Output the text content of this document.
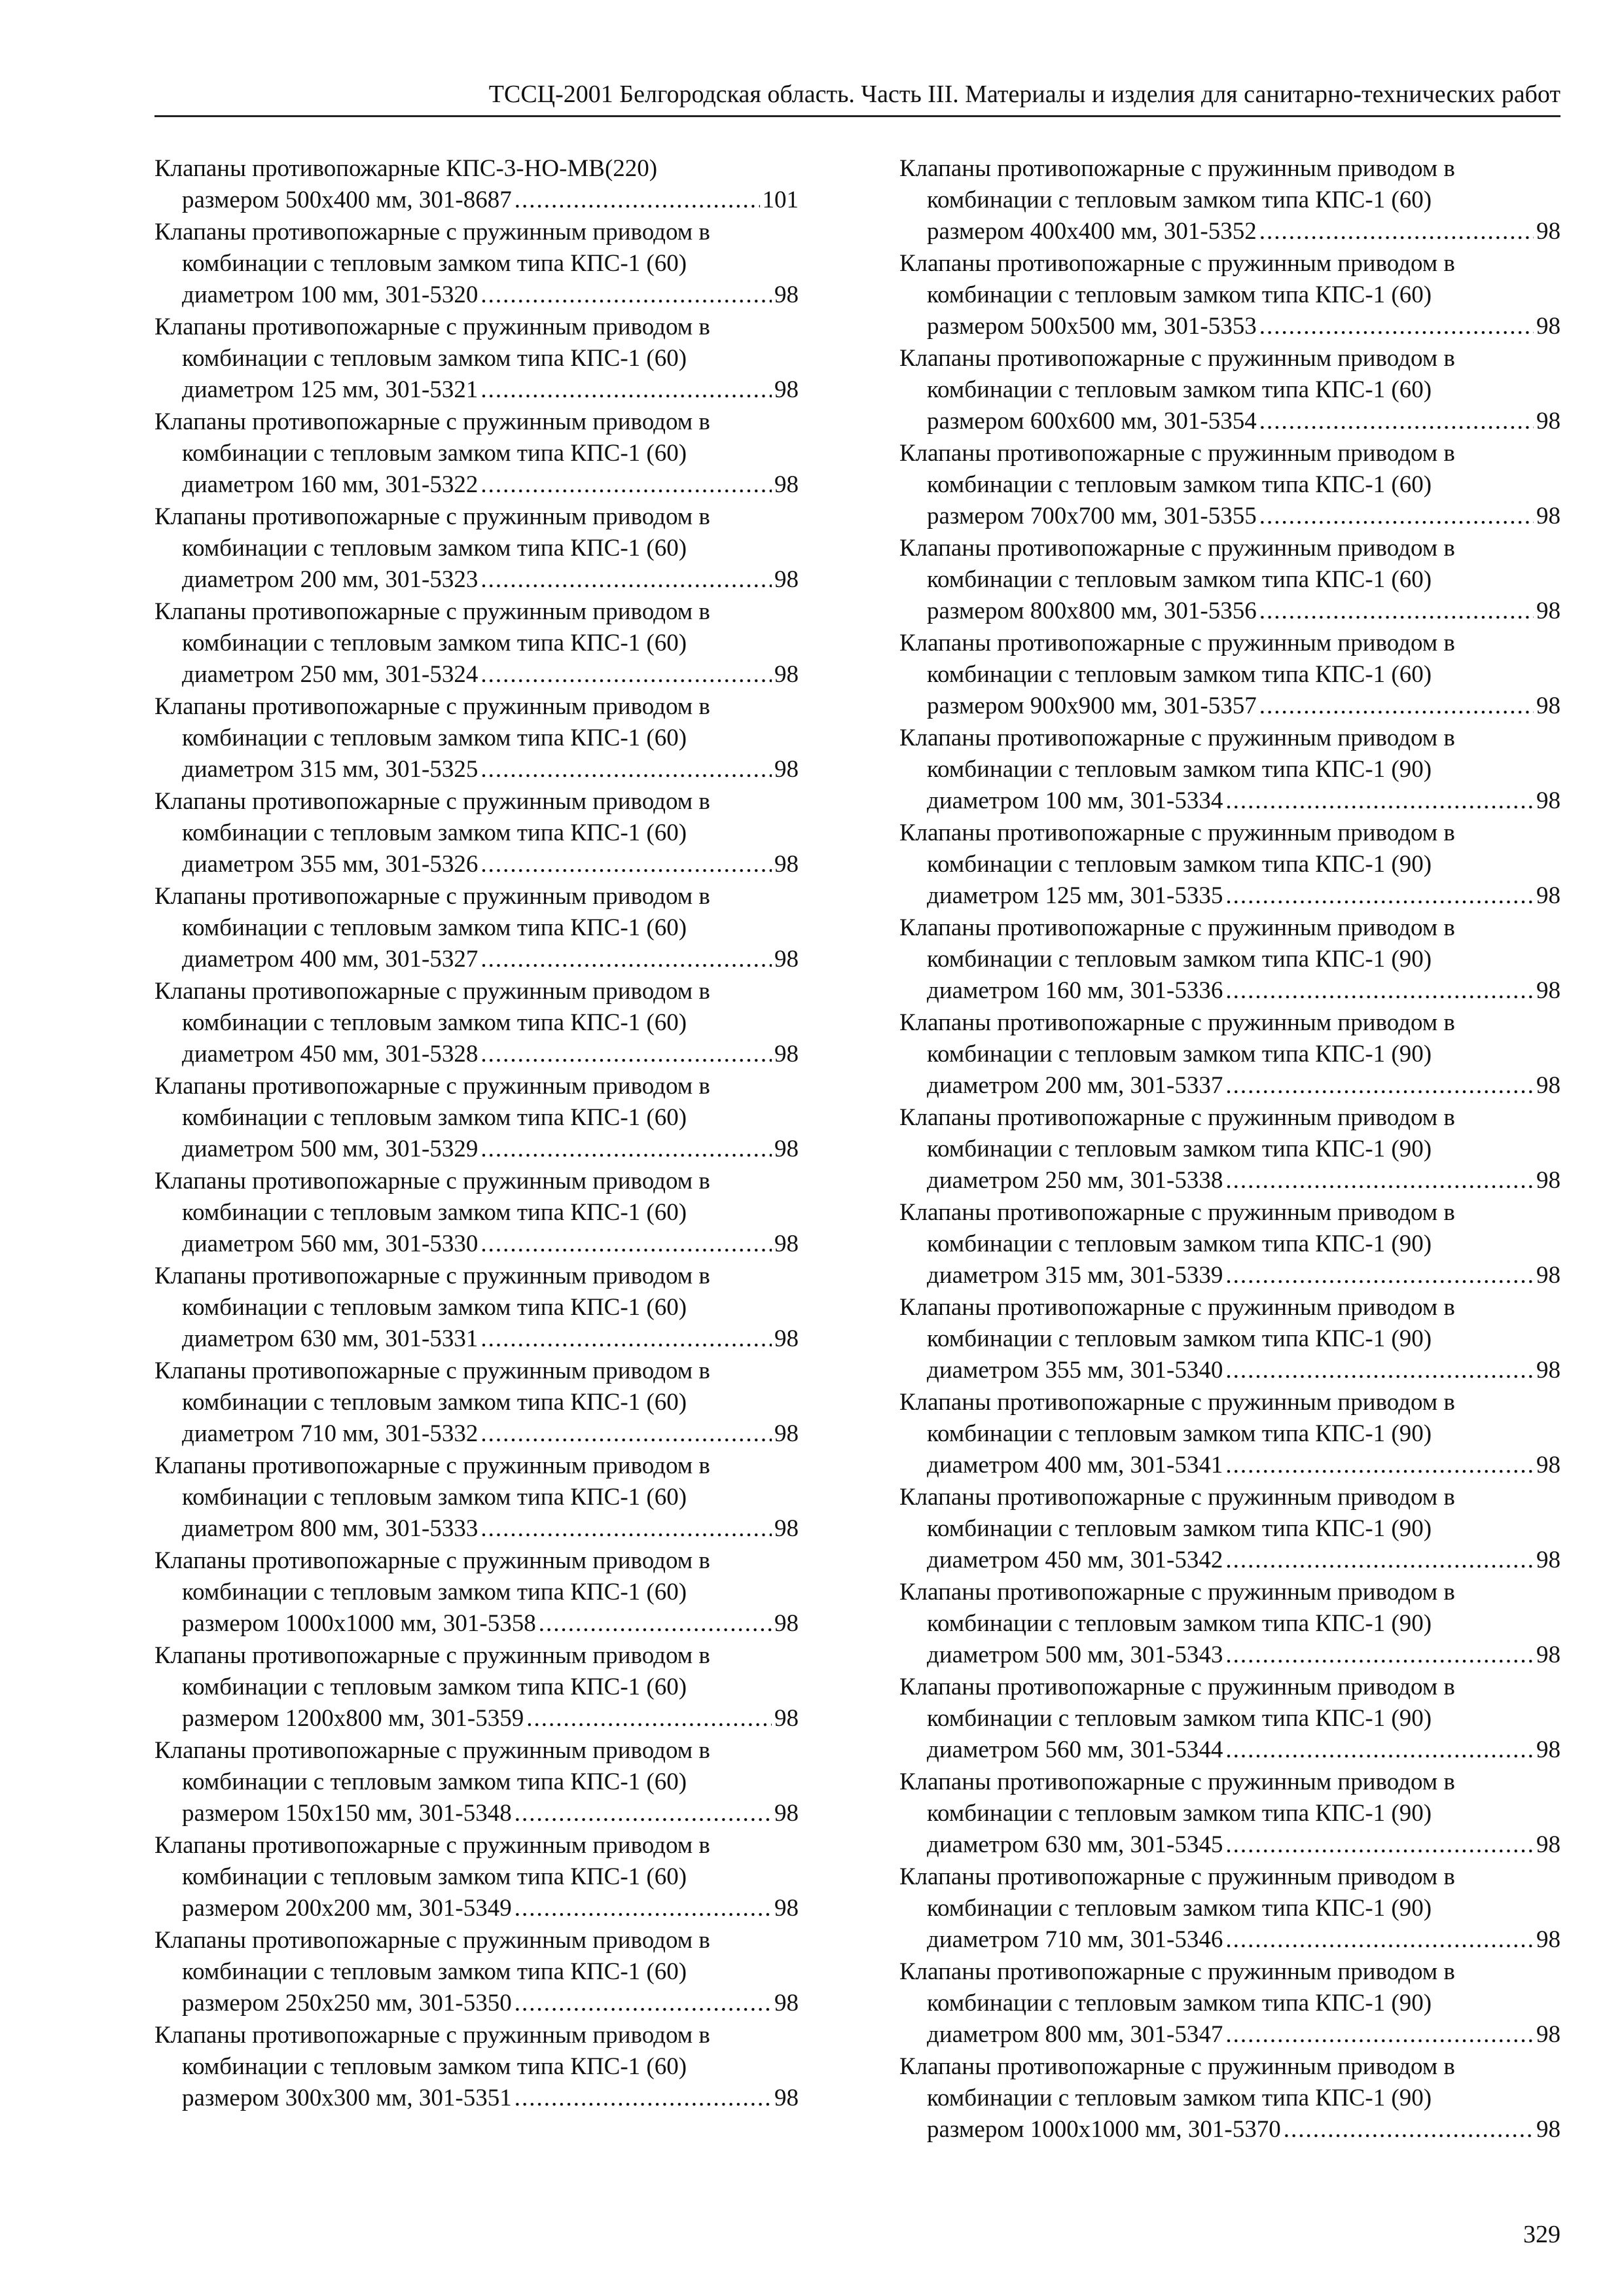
ТССЦ-2001 Белгородская область. Часть III. Материалы и изделия для санитарно-технических работ
Клапаны противопожарные КПС-3-НО-МВ(220)
размером 500х400 мм, 301-8687 .....	101
Клапаны противопожарные с пружинным приводом в
комбинации с тепловым замком типа КПС-1 (60)
диаметром 100 мм, 301-5320 .....	98
Клапаны противопожарные с пружинным приводом в
комбинации с тепловым замком типа КПС-1 (60)
диаметром 125 мм, 301-5321 .....	98
Клапаны противопожарные с пружинным приводом в
комбинации с тепловым замком типа КПС-1 (60)
диаметром 160 мм, 301-5322 .....	98
Клапаны противопожарные с пружинным приводом в
комбинации с тепловым замком типа КПС-1 (60)
диаметром 200 мм, 301-5323 .....	98
Клапаны противопожарные с пружинным приводом в
комбинации с тепловым замком типа КПС-1 (60)
диаметром 250 мм, 301-5324 .....	98
Клапаны противопожарные с пружинным приводом в
комбинации с тепловым замком типа КПС-1 (60)
диаметром 315 мм, 301-5325 .....	98
Клапаны противопожарные с пружинным приводом в
комбинации с тепловым замком типа КПС-1 (60)
диаметром 355 мм, 301-5326 .....	98
Клапаны противопожарные с пружинным приводом в
комбинации с тепловым замком типа КПС-1 (60)
диаметром 400 мм, 301-5327 .....	98
Клапаны противопожарные с пружинным приводом в
комбинации с тепловым замком типа КПС-1 (60)
диаметром 450 мм, 301-5328 .....	98
Клапаны противопожарные с пружинным приводом в
комбинации с тепловым замком типа КПС-1 (60)
диаметром 500 мм, 301-5329 .....	98
Клапаны противопожарные с пружинным приводом в
комбинации с тепловым замком типа КПС-1 (60)
диаметром 560 мм, 301-5330 .....	98
Клапаны противопожарные с пружинным приводом в
комбинации с тепловым замком типа КПС-1 (60)
диаметром 630 мм, 301-5331 .....	98
Клапаны противопожарные с пружинным приводом в
комбинации с тепловым замком типа КПС-1 (60)
диаметром 710 мм, 301-5332 .....	98
Клапаны противопожарные с пружинным приводом в
комбинации с тепловым замком типа КПС-1 (60)
диаметром 800 мм, 301-5333 .....	98
Клапаны противопожарные с пружинным приводом в
комбинации с тепловым замком типа КПС-1 (60)
размером 1000х1000 мм, 301-5358 .....	98
Клапаны противопожарные с пружинным приводом в
комбинации с тепловым замком типа КПС-1 (60)
размером 1200х800 мм, 301-5359 .....	98
Клапаны противопожарные с пружинным приводом в
комбинации с тепловым замком типа КПС-1 (60)
размером 150х150 мм, 301-5348 .....	98
Клапаны противопожарные с пружинным приводом в
комбинации с тепловым замком типа КПС-1 (60)
размером 200х200 мм, 301-5349 .....	98
Клапаны противопожарные с пружинным приводом в
комбинации с тепловым замком типа КПС-1 (60)
размером 250х250 мм, 301-5350 .....	98
Клапаны противопожарные с пружинным приводом в
комбинации с тепловым замком типа КПС-1 (60)
размером 300х300 мм, 301-5351 .....	98
Клапаны противопожарные с пружинным приводом в
комбинации с тепловым замком типа КПС-1 (60)
размером 400х400 мм, 301-5352 .....	98
Клапаны противопожарные с пружинным приводом в
комбинации с тепловым замком типа КПС-1 (60)
размером 500х500 мм, 301-5353 .....	98
Клапаны противопожарные с пружинным приводом в
комбинации с тепловым замком типа КПС-1 (60)
размером 600х600 мм, 301-5354 .....	98
Клапаны противопожарные с пружинным приводом в
комбинации с тепловым замком типа КПС-1 (60)
размером 700х700 мм, 301-5355 .....	98
Клапаны противопожарные с пружинным приводом в
комбинации с тепловым замком типа КПС-1 (60)
размером 800х800 мм, 301-5356 .....	98
Клапаны противопожарные с пружинным приводом в
комбинации с тепловым замком типа КПС-1 (60)
размером 900х900 мм, 301-5357 .....	98
Клапаны противопожарные с пружинным приводом в
комбинации с тепловым замком типа КПС-1 (90)
диаметром 100 мм, 301-5334 .....	98
Клапаны противопожарные с пружинным приводом в
комбинации с тепловым замком типа КПС-1 (90)
диаметром 125 мм, 301-5335 .....	98
Клапаны противопожарные с пружинным приводом в
комбинации с тепловым замком типа КПС-1 (90)
диаметром 160 мм, 301-5336 .....	98
Клапаны противопожарные с пружинным приводом в
комбинации с тепловым замком типа КПС-1 (90)
диаметром 200 мм, 301-5337 .....	98
Клапаны противопожарные с пружинным приводом в
комбинации с тепловым замком типа КПС-1 (90)
диаметром 250 мм, 301-5338 .....	98
Клапаны противопожарные с пружинным приводом в
комбинации с тепловым замком типа КПС-1 (90)
диаметром 315 мм, 301-5339 .....	98
Клапаны противопожарные с пружинным приводом в
комбинации с тепловым замком типа КПС-1 (90)
диаметром 355 мм, 301-5340 .....	98
Клапаны противопожарные с пружинным приводом в
комбинации с тепловым замком типа КПС-1 (90)
диаметром 400 мм, 301-5341 .....	98
Клапаны противопожарные с пружинным приводом в
комбинации с тепловым замком типа КПС-1 (90)
диаметром 450 мм, 301-5342 .....	98
Клапаны противопожарные с пружинным приводом в
комбинации с тепловым замком типа КПС-1 (90)
диаметром 500 мм, 301-5343 .....	98
Клапаны противопожарные с пружинным приводом в
комбинации с тепловым замком типа КПС-1 (90)
диаметром 560 мм, 301-5344 .....	98
Клапаны противопожарные с пружинным приводом в
комбинации с тепловым замком типа КПС-1 (90)
диаметром 630 мм, 301-5345 .....	98
Клапаны противопожарные с пружинным приводом в
комбинации с тепловым замком типа КПС-1 (90)
диаметром 710 мм, 301-5346 .....	98
Клапаны противопожарные с пружинным приводом в
комбинации с тепловым замком типа КПС-1 (90)
диаметром 800 мм, 301-5347 .....	98
Клапаны противопожарные с пружинным приводом в
комбинации с тепловым замком типа КПС-1 (90)
размером 1000х1000 мм, 301-5370 .....	98
329
